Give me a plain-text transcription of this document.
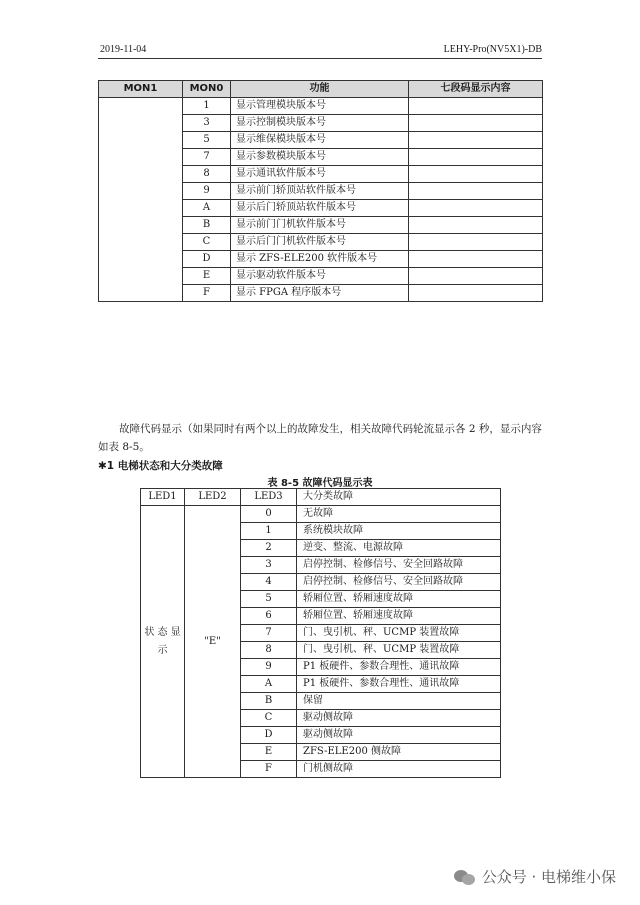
2019-11-04	LEHY-Pro(NV5X1)-DB
MON1	MON0	功能	七段码显示内容
	1	显示管理模块版本号	
	3	显示控制模块版本号	
	5	显示维保模块版本号	
	7	显示参数模块版本号	
	8	显示通讯软件版本号	
	9	显示前门轿顶站软件版本号	
	A	显示后门轿顶站软件版本号	
	B	显示前门门机软件版本号	
	C	显示后门门机软件版本号	
	D	显示 ZFS-ELE200 软件版本号	
	E	显示驱动软件版本号	
	F	显示 FPGA 程序版本号	
故障代码显示（如果同时有两个以上的故障发生，相关故障代码轮流显示各 2 秒，显示内容如表 8-5。
✱1 电梯状态和大分类故障
表 8-5 故障代码显示表
LED1	LED2	LED3	大分类故障
状 态 显示	"E"	0	无故障
		1	系统模块故障
		2	逆变、整流、电源故障
		3	启停控制、检修信号、安全回路故障
		4	启停控制、检修信号、安全回路故障
		5	轿厢位置、轿厢速度故障
		6	轿厢位置、轿厢速度故障
		7	门、曳引机、秤、UCMP 装置故障
		8	门、曳引机、秤、UCMP 装置故障
		9	P1 板硬件、参数合理性、通讯故障
		A	P1 板硬件、参数合理性、通讯故障
		B	保留
		C	驱动侧故障
		D	驱动侧故障
		E	ZFS-ELE200 侧故障
		F	门机侧故障
公众号 · 电梯维小保
